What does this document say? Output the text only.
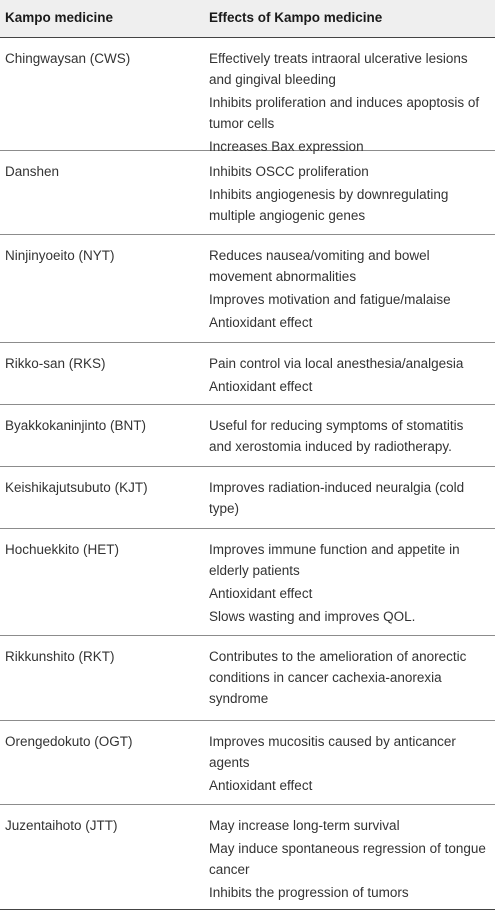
Kampo medicine	Effects of Kampo medicine
Chingwaysan (CWS)	Effectively treats intraoral ulcerative lesions and gingival bleeding
Inhibits proliferation and induces apoptosis of tumor cells
Increases Bax expression
Danshen	Inhibits OSCC proliferation
Inhibits angiogenesis by downregulating multiple angiogenic genes
Ninjinyoeito (NYT)	Reduces nausea/vomiting and bowel movement abnormalities
Improves motivation and fatigue/malaise
Antioxidant effect
Rikko-san (RKS)	Pain control via local anesthesia/analgesia
Antioxidant effect
Byakkokaninjinto (BNT)	Useful for reducing symptoms of stomatitis and xerostomia induced by radiotherapy.
Keishikajutsubuto (KJT)	Improves radiation-induced neuralgia (cold type)
Hochuekkito (HET)	Improves immune function and appetite in elderly patients
Antioxidant effect
Slows wasting and improves QOL.
Rikkunshito (RKT)	Contributes to the amelioration of anorectic conditions in cancer cachexia-anorexia syndrome
Orengedokuto (OGT)	Improves mucositis caused by anticancer agents
Antioxidant effect
Juzentaihoto (JTT)	May increase long-term survival
May induce spontaneous regression of tongue cancer
Inhibits the progression of tumors
